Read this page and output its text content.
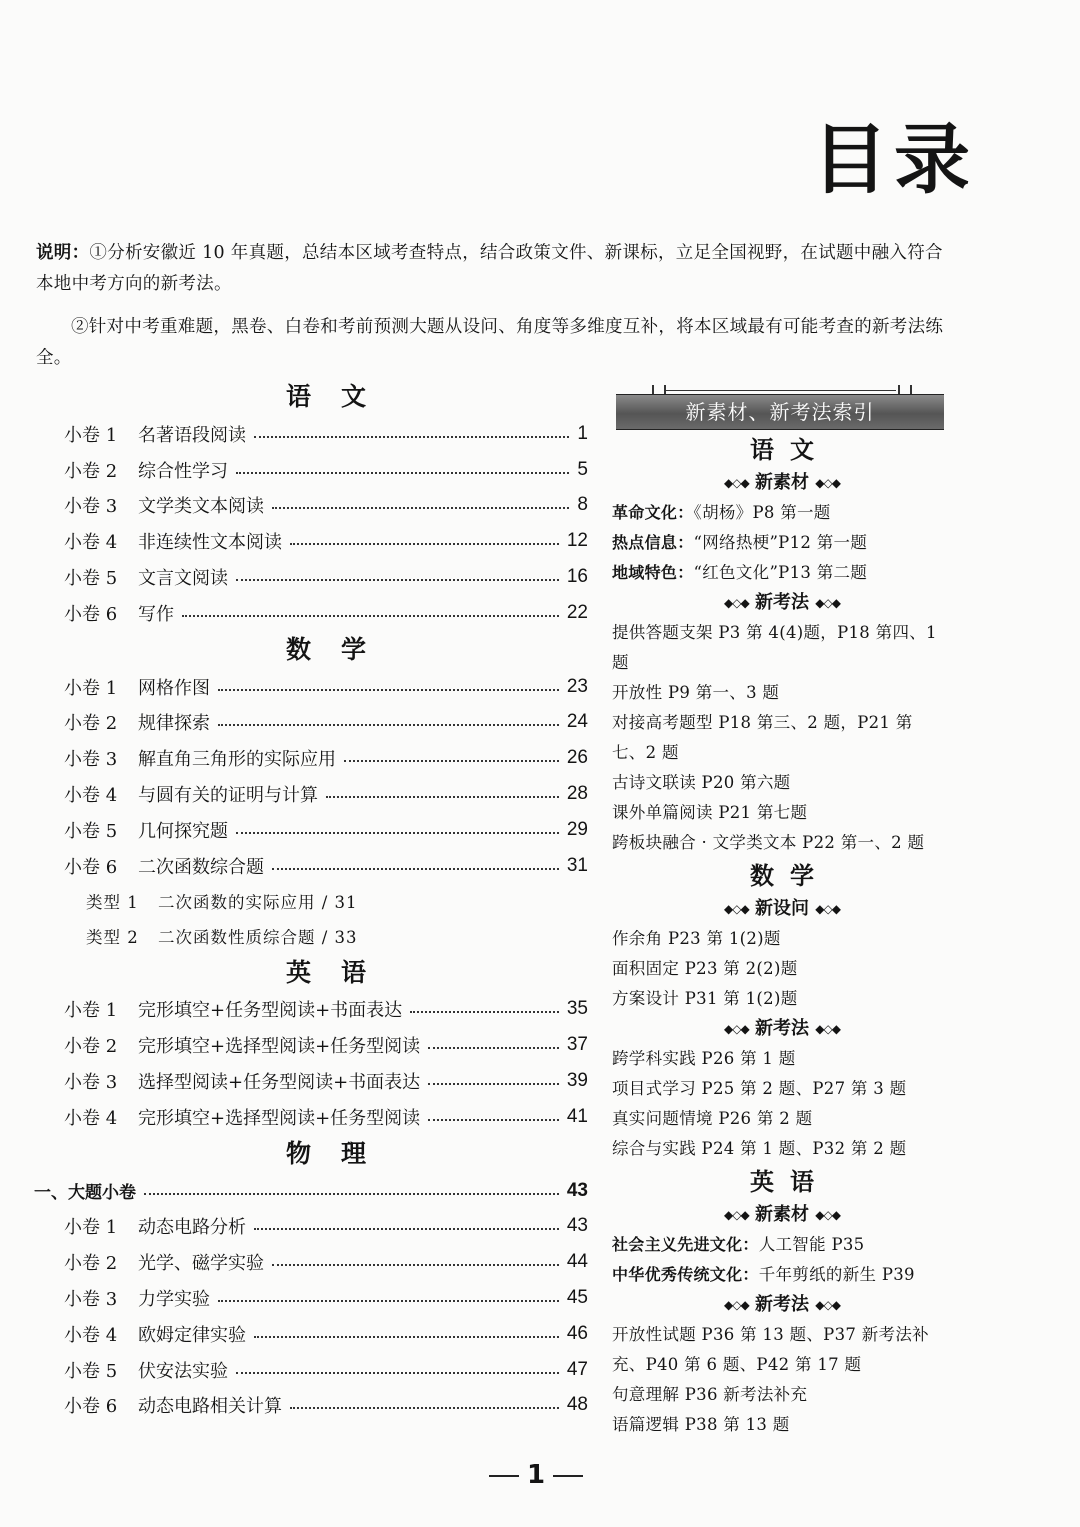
目录

说明：①分析安徽近 10 年真题，总结本区域考查特点，结合政策文件、新课标，立足全国视野，在试题中融入符合本地中考方向的新考法。

②针对中考重难题，黑卷、白卷和考前预测大题从设问、角度等多维度互补，将本区域最有可能考查的新考法练全。

语文
小卷 1	名著语段阅读	1
小卷 2	综合性学习	5
小卷 3	文学类文本阅读	8
小卷 4	非连续性文本阅读	12
小卷 5	文言文阅读	16
小卷 6	写作	22
数学
小卷 1	网格作图	23
小卷 2	规律探索	24
小卷 3	解直角三角形的实际应用	26
小卷 4	与圆有关的证明与计算	28
小卷 5	几何探究题	29
小卷 6	二次函数综合题	31
类型 1	二次函数的实际应用 / 31
类型 2	二次函数性质综合题 / 33
英语
小卷 1	完形填空+任务型阅读+书面表达	35
小卷 2	完形填空+选择型阅读+任务型阅读	37
小卷 3	选择型阅读+任务型阅读+书面表达	39
小卷 4	完形填空+选择型阅读+任务型阅读	41
物理
一、大题小卷	43
小卷 1	动态电路分析	43
小卷 2	光学、磁学实验	44
小卷 3	力学实验	45
小卷 4	欧姆定律实验	46
小卷 5	伏安法实验	47
小卷 6	动态电路相关计算	48
新素材、新考法索引
语文
◆◇◆ 新素材 ◆◇◆
革命文化：《胡杨》P8 第一题
热点信息：“网络热梗”P12 第一题
地域特色：“红色文化”P13 第二题
◆◇◆ 新考法 ◆◇◆
提供答题支架 P3 第 4(4)题，P18 第四、1 题
开放性 P9 第一、3 题
对接高考题型 P18 第三、2 题，P21 第七、2 题
古诗文联读 P20 第六题
课外单篇阅读 P21 第七题
跨板块融合 · 文学类文本 P22 第一、2 题
数学
◆◇◆ 新设问 ◆◇◆
作余角 P23 第 1(2)题
面积固定 P23 第 2(2)题
方案设计 P31 第 1(2)题
◆◇◆ 新考法 ◆◇◆
跨学科实践 P26 第 1 题
项目式学习 P25 第 2 题、P27 第 3 题
真实问题情境 P26 第 2 题
综合与实践 P24 第 1 题、P32 第 2 题
英语
◆◇◆ 新素材 ◆◇◆
社会主义先进文化：人工智能 P35
中华优秀传统文化：千年剪纸的新生 P39
◆◇◆ 新考法 ◆◇◆
开放性试题 P36 第 13 题、P37 新考法补充、P40 第 6 题、P42 第 17 题
句意理解 P36 新考法补充
语篇逻辑 P38 第 13 题
1
